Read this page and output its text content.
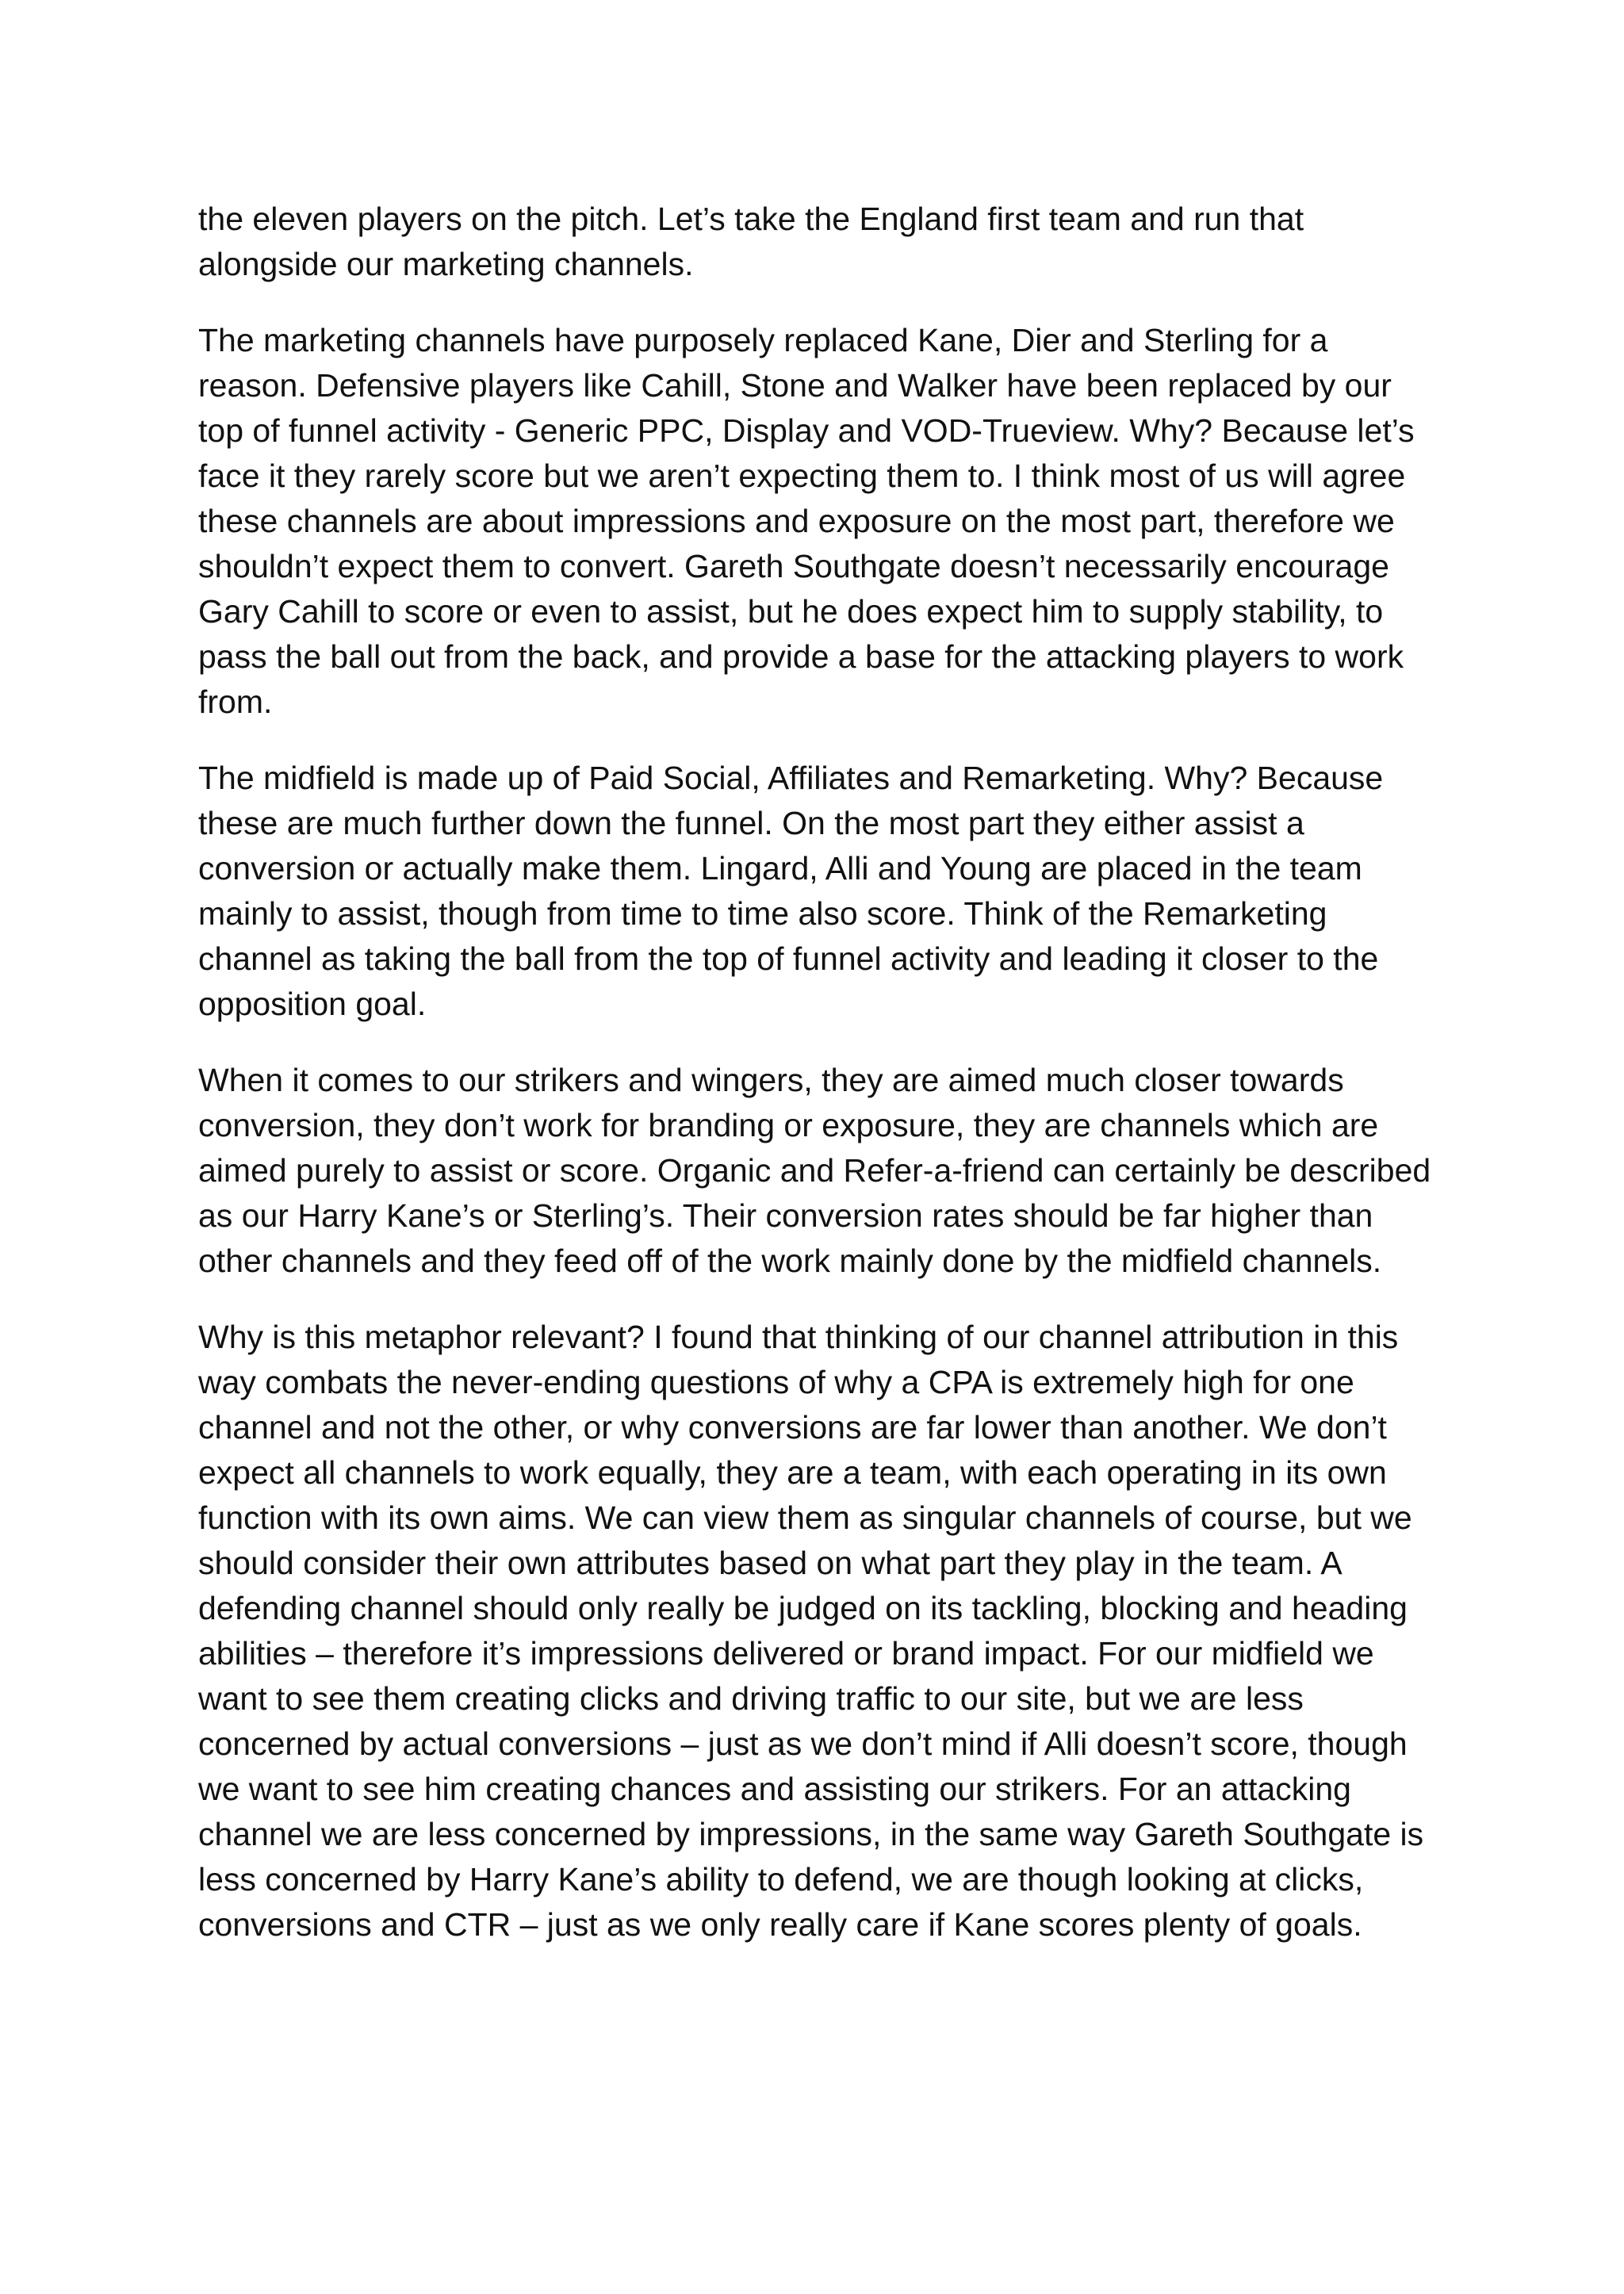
the eleven players on the pitch. Let’s take the England first team and run that alongside our marketing channels.

The marketing channels have purposely replaced Kane, Dier and Sterling for a reason. Defensive players like Cahill, Stone and Walker have been replaced by our top of funnel activity - Generic PPC, Display and VOD-Trueview. Why? Because let’s face it they rarely score but we aren’t expecting them to. I think most of us will agree these channels are about impressions and exposure on the most part, therefore we shouldn’t expect them to convert. Gareth Southgate doesn’t necessarily encourage Gary Cahill to score or even to assist, but he does expect him to supply stability, to pass the ball out from the back, and provide a base for the attacking players to work from.

The midfield is made up of Paid Social, Affiliates and Remarketing. Why? Because these are much further down the funnel. On the most part they either assist a conversion or actually make them. Lingard, Alli and Young are placed in the team mainly to assist, though from time to time also score. Think of the Remarketing channel as taking the ball from the top of funnel activity and leading it closer to the opposition goal.

When it comes to our strikers and wingers, they are aimed much closer towards conversion, they don’t work for branding or exposure, they are channels which are aimed purely to assist or score. Organic and Refer-a-friend can certainly be described as our Harry Kane’s or Sterling’s. Their conversion rates should be far higher than other channels and they feed off of the work mainly done by the midfield channels.

Why is this metaphor relevant? I found that thinking of our channel attribution in this way combats the never-ending questions of why a CPA is extremely high for one channel and not the other, or why conversions are far lower than another. We don’t expect all channels to work equally, they are a team, with each operating in its own function with its own aims. We can view them as singular channels of course, but we should consider their own attributes based on what part they play in the team. A defending channel should only really be judged on its tackling, blocking and heading abilities – therefore it’s impressions delivered or brand impact. For our midfield we want to see them creating clicks and driving traffic to our site, but we are less concerned by actual conversions – just as we don’t mind if Alli doesn’t score, though we want to see him creating chances and assisting our strikers. For an attacking channel we are less concerned by impressions, in the same way Gareth Southgate is less concerned by Harry Kane’s ability to defend, we are though looking at clicks, conversions and CTR – just as we only really care if Kane scores plenty of goals.
